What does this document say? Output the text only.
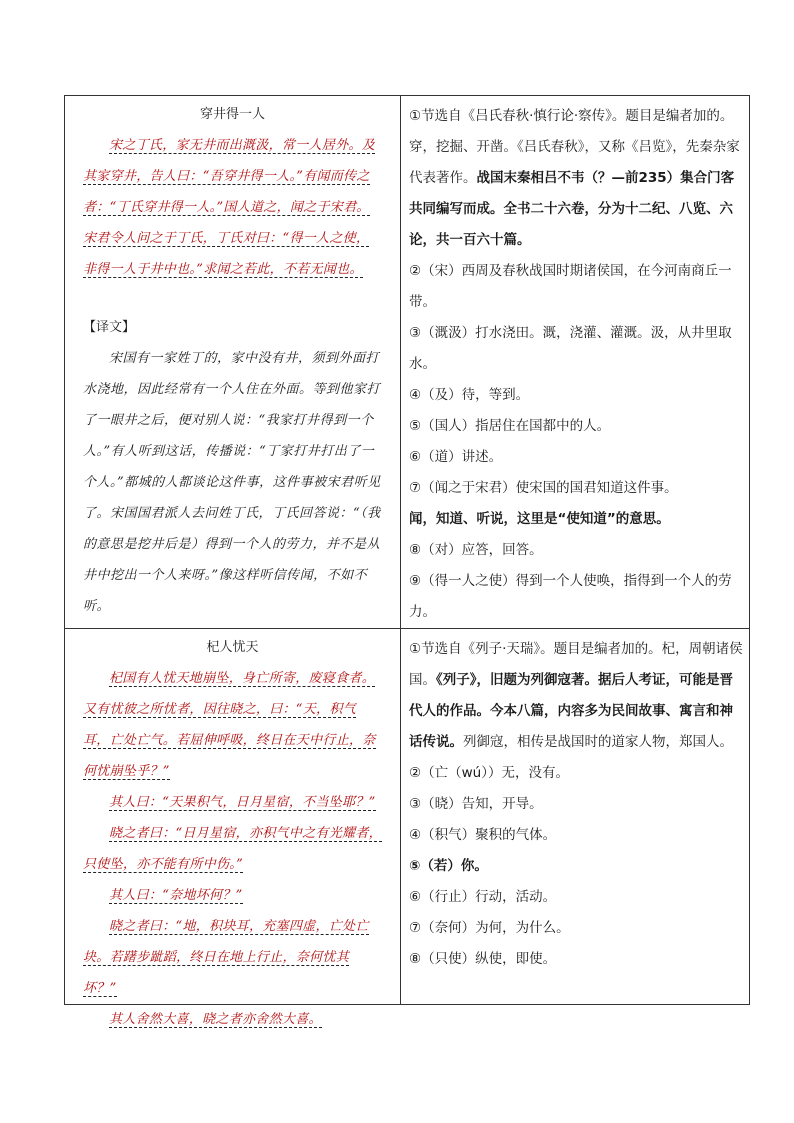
穿井得一人

宋之丁氏，家无井而出溉汲，常一人居外。及其家穿井，告人曰：“吾穿井得一人。”有闻而传之者：“丁氏穿井得一人。”国人道之，闻之于宋君。宋君令人问之于丁氏，丁氏对曰：“得一人之使，非得一人于井中也。”求闻之若此，不若无闻也。

【译文】

宋国有一家姓丁的，家中没有井，须到外面打水浇地，因此经常有一个人住在外面。等到他家打了一眼井之后，便对别人说：“我家打井得到一个人。”有人听到这话，传播说：“丁家打井打出了一个人。”都城的人都谈论这件事，这件事被宋君听见了。宋国国君派人去问姓丁氏，丁氏回答说：“（我的意思是挖井后是）得到一个人的劳力，并不是从井中挖出一个人来呀。”像这样听信传闻，不如不听。

①节选自《吕氏春秋·慎行论·察传》。题目是编者加的。穿，挖掘、开凿。《吕氏春秋》，又称《吕览》，先秦杂家代表著作。战国末秦相吕不韦（？—前235）集合门客共同编写而成。全书二十六卷，分为十二纪、八览、六论，共一百六十篇。

②（宋）西周及春秋战国时期诸侯国，在今河南商丘一带。

③（溉汲）打水浇田。溉，浇灌、灌溉。汲，从井里取水。

④（及）待，等到。

⑤（国人）指居住在国都中的人。

⑥（道）讲述。

⑦（闻之于宋君）使宋国的国君知道这件事。

闻，知道、听说，这里是“使知道”的意思。

⑧（对）应答，回答。

⑨（得一人之使）得到一个人使唤，指得到一个人的劳力。

杞人忧天

杞国有人忧天地崩坠，身亡所寄，废寝食者。又有忧彼之所忧者，因往晓之，曰：“天，积气耳，亡处亡气。若屈伸呼吸，终日在天中行止，奈何忧崩坠乎？”

其人曰：“天果积气，日月星宿，不当坠耶？”

晓之者曰：“日月星宿，亦积气中之有光耀者，只使坠，亦不能有所中伤。”

其人曰：“奈地坏何？”

晓之者曰：“地，积块耳，充塞四虚，亡处亡块。若躇步跐蹈，终日在地上行止，奈何忧其坏？”

其人舍然大喜，晓之者亦舍然大喜。

①节选自《列子·天瑞》。题目是编者加的。杞，周朝诸侯国。《列子》，旧题为列御寇著。据后人考证，可能是晋代人的作品。今本八篇，内容多为民间故事、寓言和神话传说。列御寇，相传是战国时的道家人物，郑国人。

②（亡（wú））无，没有。

③（晓）告知，开导。

④（积气）聚积的气体。

⑤（若）你。

⑥（行止）行动，活动。

⑦（奈何）为何，为什么。

⑧（只使）纵使，即使。
